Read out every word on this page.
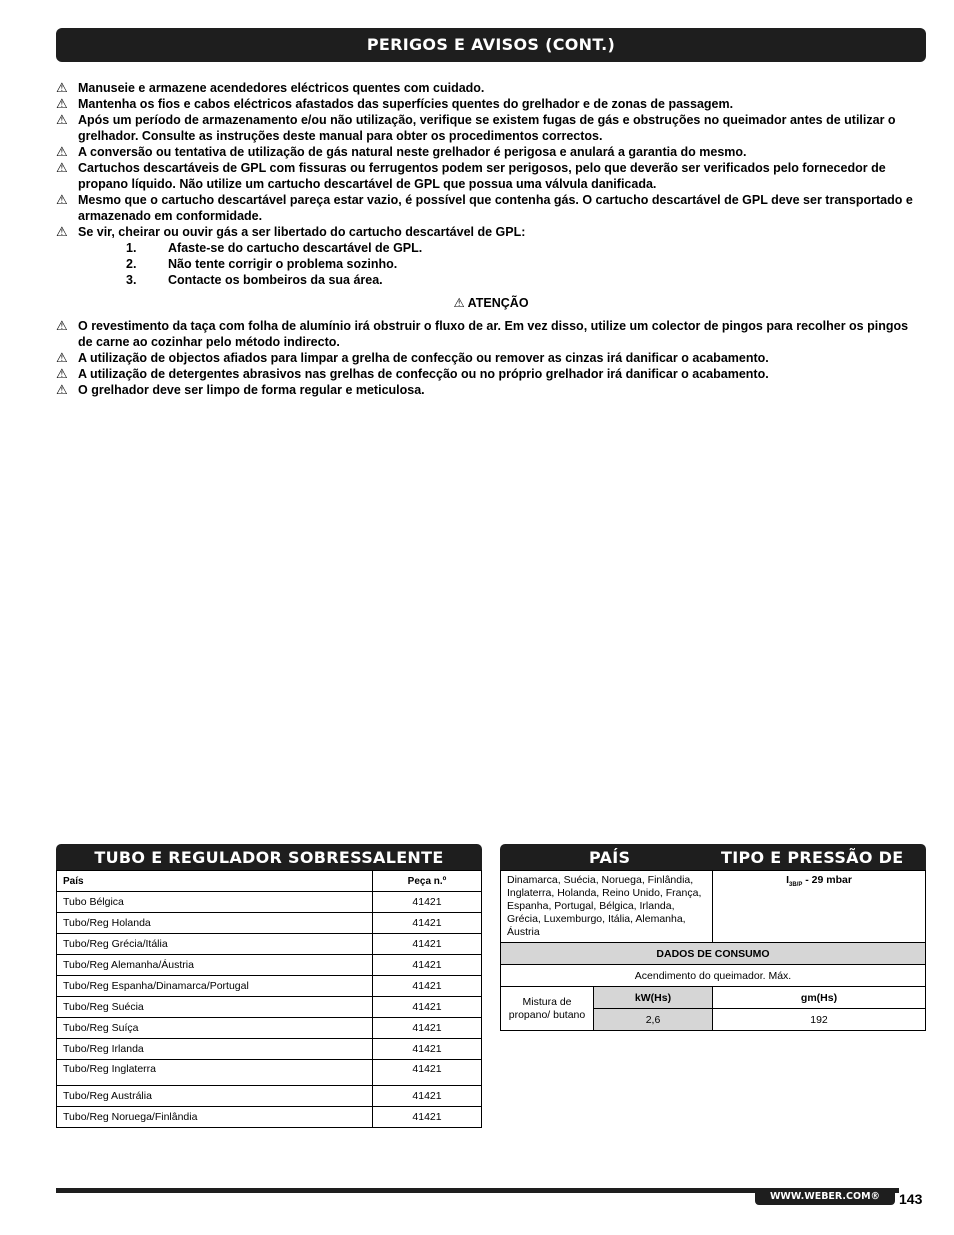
PERIGOS E AVISOS (CONT.)
⚠ Manuseie e armazene acendedores eléctricos quentes com cuidado.
⚠ Mantenha os fios e cabos eléctricos afastados das superfícies quentes do grelhador e de zonas de passagem.
⚠ Após um período de armazenamento e/ou não utilização, verifique se existem fugas de gás e obstruções no queimador antes de utilizar o grelhador. Consulte as instruções deste manual para obter os procedimentos correctos.
⚠ A conversão ou tentativa de utilização de gás natural neste grelhador é perigosa e anulará a garantia do mesmo.
⚠ Cartuchos descartáveis de GPL com fissuras ou ferrugentos podem ser perigosos, pelo que deverão ser verificados pelo fornecedor de propano líquido. Não utilize um cartucho descartável de GPL que possua uma válvula danificada.
⚠ Mesmo que o cartucho descartável pareça estar vazio, é possível que contenha gás. O cartucho descartável de GPL deve ser transportado e armazenado em conformidade.
⚠ Se vir, cheirar ou ouvir gás a ser libertado do cartucho descartável de GPL:
1.	Afaste-se do cartucho descartável de GPL.
2.	Não tente corrigir o problema sozinho.
3.	Contacte os bombeiros da sua área.
⚠ ATENÇÃO
⚠ O revestimento da taça com folha de alumínio irá obstruir o fluxo de ar. Em vez disso, utilize um colector de pingos para recolher os pingos de carne ao cozinhar pelo método indirecto.
⚠ A utilização de objectos afiados para limpar a grelha de confecção ou remover as cinzas irá danificar o acabamento.
⚠ A utilização de detergentes abrasivos nas grelhas de confecção ou no próprio grelhador irá danificar o acabamento.
⚠ O grelhador deve ser limpo de forma regular e meticulosa.
TUBO E REGULADOR SOBRESSALENTE
País	Peça n.º
Tubo Bélgica	41421
Tubo/Reg Holanda	41421
Tubo/Reg Grécia/Itália	41421
Tubo/Reg Alemanha/Áustria	41421
Tubo/Reg Espanha/Dinamarca/Portugal	41421
Tubo/Reg Suécia	41421
Tubo/Reg Suíça	41421
Tubo/Reg Irlanda	41421
Tubo/Reg Inglaterra	41421
Tubo/Reg Austrália	41421
Tubo/Reg Noruega/Finlândia	41421
PAÍS	TIPO E PRESSÃO DE GÁS
Dinamarca, Suécia, Noruega, Finlândia, Inglaterra, Holanda, Reino Unido, França, Espanha, Portugal, Bélgica, Irlanda, Grécia, Luxemburgo, Itália, Alemanha, Áustria		$I_{3B/P} - 29$ mbar
DADOS DE CONSUMO		
Acendimento do queimador. Máx.		
Mistura de propano/ butano	kW(Hs)	gm(Hs)
	2,6	192
WWW.WEBER.COM®	143
